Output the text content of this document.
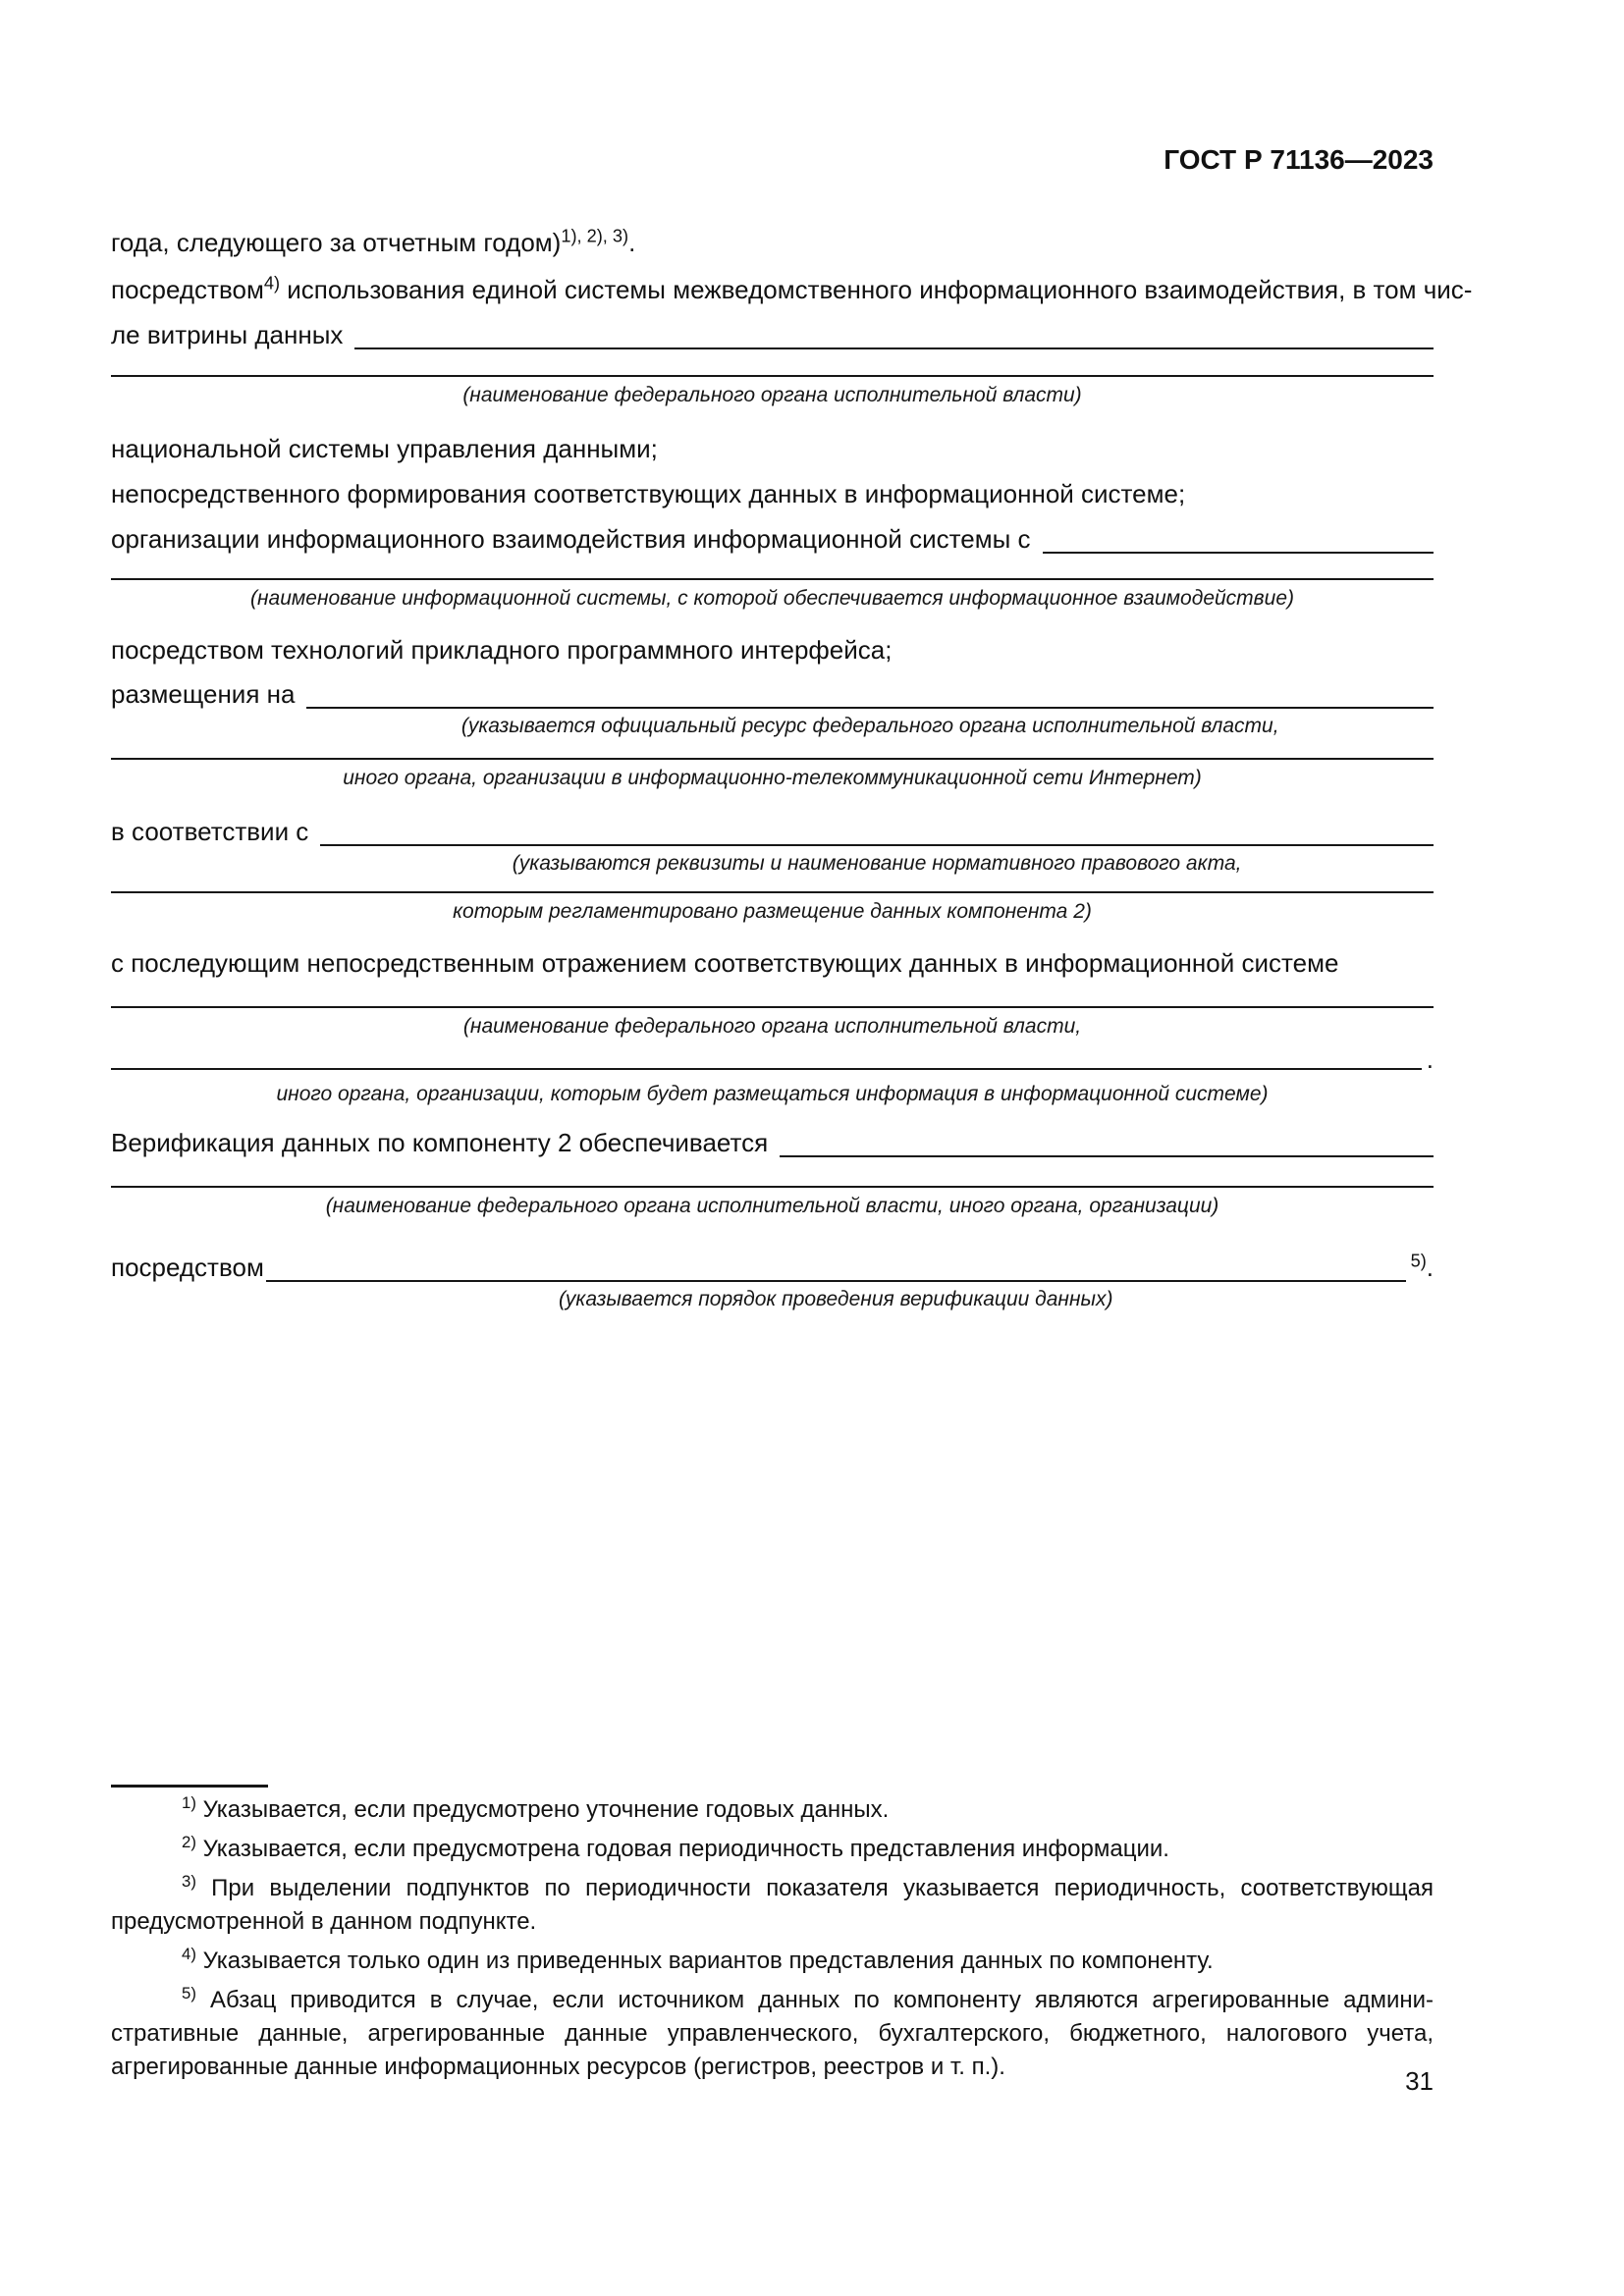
ГОСТ Р 71136—2023

года, следующего за отчетным годом)$^{1), 2), 3)}$.

посредством$^{4)}$ использования единой системы межведомственного информационного взаимодействия, в том чис-

ле витрины данных
(наименование федерального органа исполнительной власти)

национальной системы управления данными;

непосредственного формирования соответствующих данных в информационной системе;

организации информационного взаимодействия информационной системы с
(наименование информационной системы, с которой обеспечивается информационное взаимодействие)

посредством технологий прикладного программного интерфейса;

размещения на
(указывается официальный ресурс федерального органа исполнительной власти,
иного органа, организации в информационно-телекоммуникационной сети Интернет)
в соответствии с
(указываются реквизиты и наименование нормативного правового акта,
которым регламентировано размещение данных компонента 2)

с последующим непосредственным отражением соответствующих данных в информационной системе

(наименование федерального органа исполнительной власти,
.
иного органа, организации, которым будет размещаться информация в информационной системе)
Верификация данных по компоненту 2 обеспечивается
(наименование федерального органа исполнительной власти, иного органа, организации)
посредством
(указывается порядок проведения верификации данных)
$^{5)}$.

$^{1)}$ Указывается, если предусмотрено уточнение годовых данных.

$^{2)}$ Указывается, если предусмотрена годовая периодичность представления информации.

$^{3)}$ При выделении подпунктов по периодичности показателя указывается периодичность, соответствующая
предусмотренной в данном подпункте.

$^{4)}$ Указывается только один из приведенных вариантов представления данных по компоненту.

$^{5)}$ Абзац приводится в случае, если источником данных по компоненту являются агрегированные админи-
стративные данные, агрегированные данные управленческого, бухгалтерского, бюджетного, налогового учета,
агрегированные данные информационных ресурсов (регистров, реестров и т. п.).	31
